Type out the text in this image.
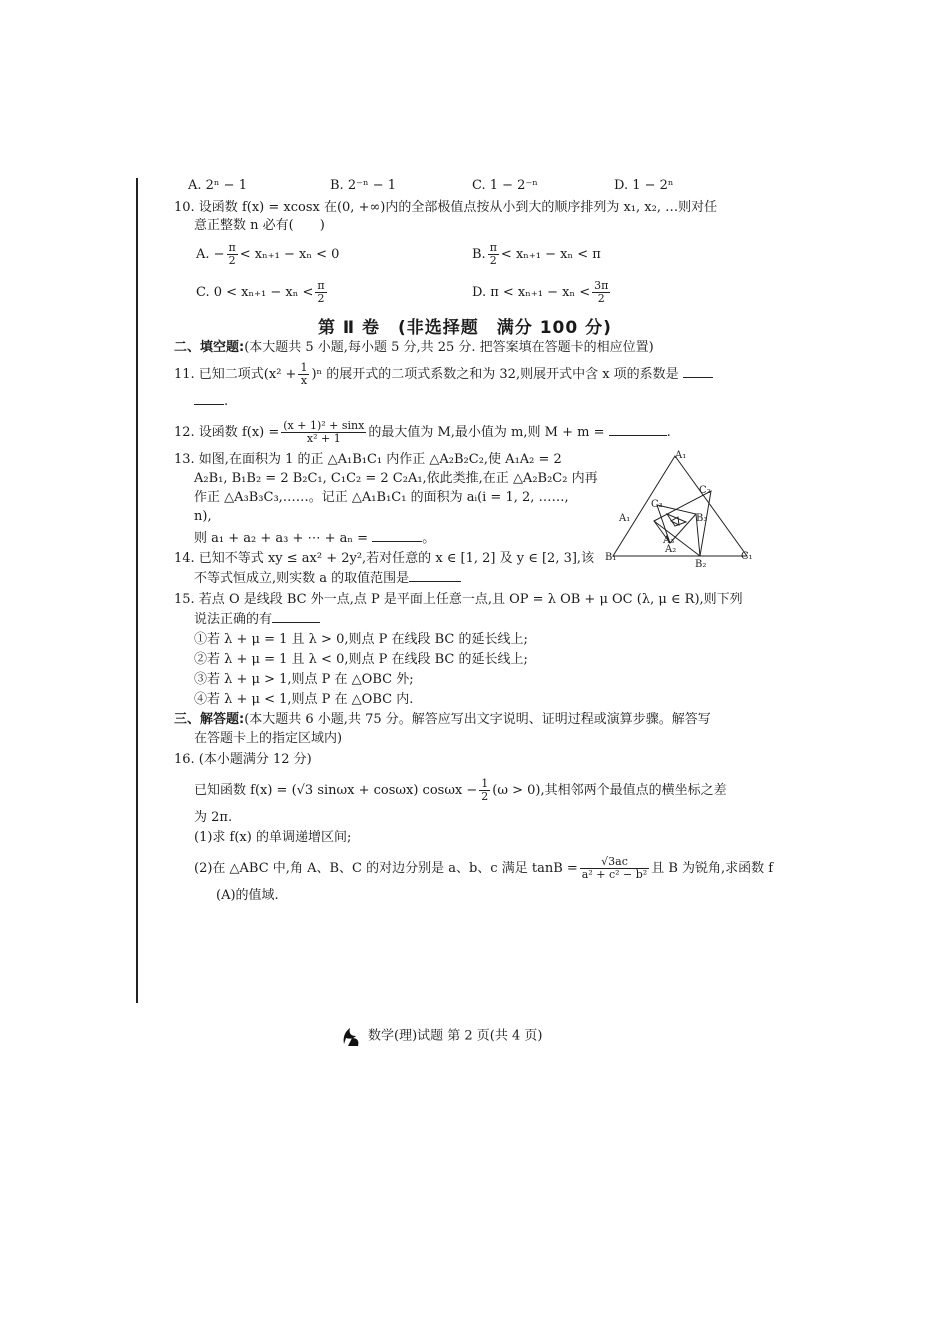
A. 2ⁿ − 1	B. 2⁻ⁿ − 1	C. 1 − 2⁻ⁿ	D. 1 − 2ⁿ
10. 设函数 f(x) = xcosx 在(0, +∞)内的全部极值点按从小到大的顺序排列为 x₁, x₂, …则对任
意正整数 n 必有(　　)
A. − $\frac{\pi}{2} < x_{n+1} - x_n < 0$	B. $\frac{\pi}{2} < x_{n+1} - x_n < \pi$
C. $0 < x_{n+1} - x_n < \frac{\pi}{2}$	D. $\pi < x_{n+1} - x_n < \frac{3\pi}{2}$
二、填空题:(本大题共 5 小题,每小题 5 分,共 25 分. 把答案填在答题卡的相应位置)
11. 已知二项式$(x^2 + \frac{1}{x} )^n$ 的展开式的二项式系数之和为 32,则展开式中含 x 项的系数是
.
12. 设函数 $f(x) = \frac{\text{(x + 1)² + sinx}}{\text{x² + 1}}$ 的最大值为 M,最小值为 m,则 M + m =	.
13. 如图,在面积为 1 的正 △A₁B₁C₁ 内作正 △A₂B₂C₂,使 A₁A₂ = 2
A₂B₁, B₁B₂ = 2 B₂C₁, C₁C₂ = 2 C₂A₁,依此类推,在正 △A₂B₂C₂ 内再
作正 △A₃B₃C₃,……。记正 △A₁B₁C₁ 的面积为 aᵢ(i = 1, 2, ……,
n),
则 a₁ + a₂ + a₃ + ⋯ + aₙ =	。
14. 已知不等式 xy ≤ ax² + 2y²,若对任意的 x ∈ [1, 2] 及 y ∈ [2, 3],该
不等式恒成立,则实数 a 的取值范围是
15. 若点 O 是线段 BC 外一点,点 P 是平面上任意一点,且 OP = λ OB + μ OC (λ, μ ∈ R),则下列
说法正确的有
①若 λ + μ = 1 且 λ > 0,则点 P 在线段 BC 的延长线上;
②若 λ + μ = 1 且 λ < 0,则点 P 在线段 BC 的延长线上;
③若 λ + μ > 1,则点 P 在 △OBC 外;
④若 λ + μ < 1,则点 P 在 △OBC 内.
三、解答题:(本大题共 6 小题,共 75 分。解答应写出文字说明、证明过程或演算步骤。解答写
在答题卡上的指定区域内)
16. (本小题满分 12 分)
已知函数 f(x) = (√3 sinωx + cosωx) $\cos\omega x - \frac{1}{2} (\omega > 0)$,其相邻两个最值点的横坐标之差
为 2π.
(1)求 f(x) 的单调递增区间;
(2)在 △ABC 中,角 A、B、C 的对边分别是 a、b、c 满足 $\tan B = \frac{√3ac}{\text{a² + c² − b²}}$ 且 B 为锐角,求函数 f
(A)的值域.
第 Ⅱ 卷　(非选择题　满分 100 分)
A₁
A₁
B₁	C₁
C₂
B₂
A₂
C₃
B₃
A₃
数学(理)试题 第 2 页(共 4 页)
